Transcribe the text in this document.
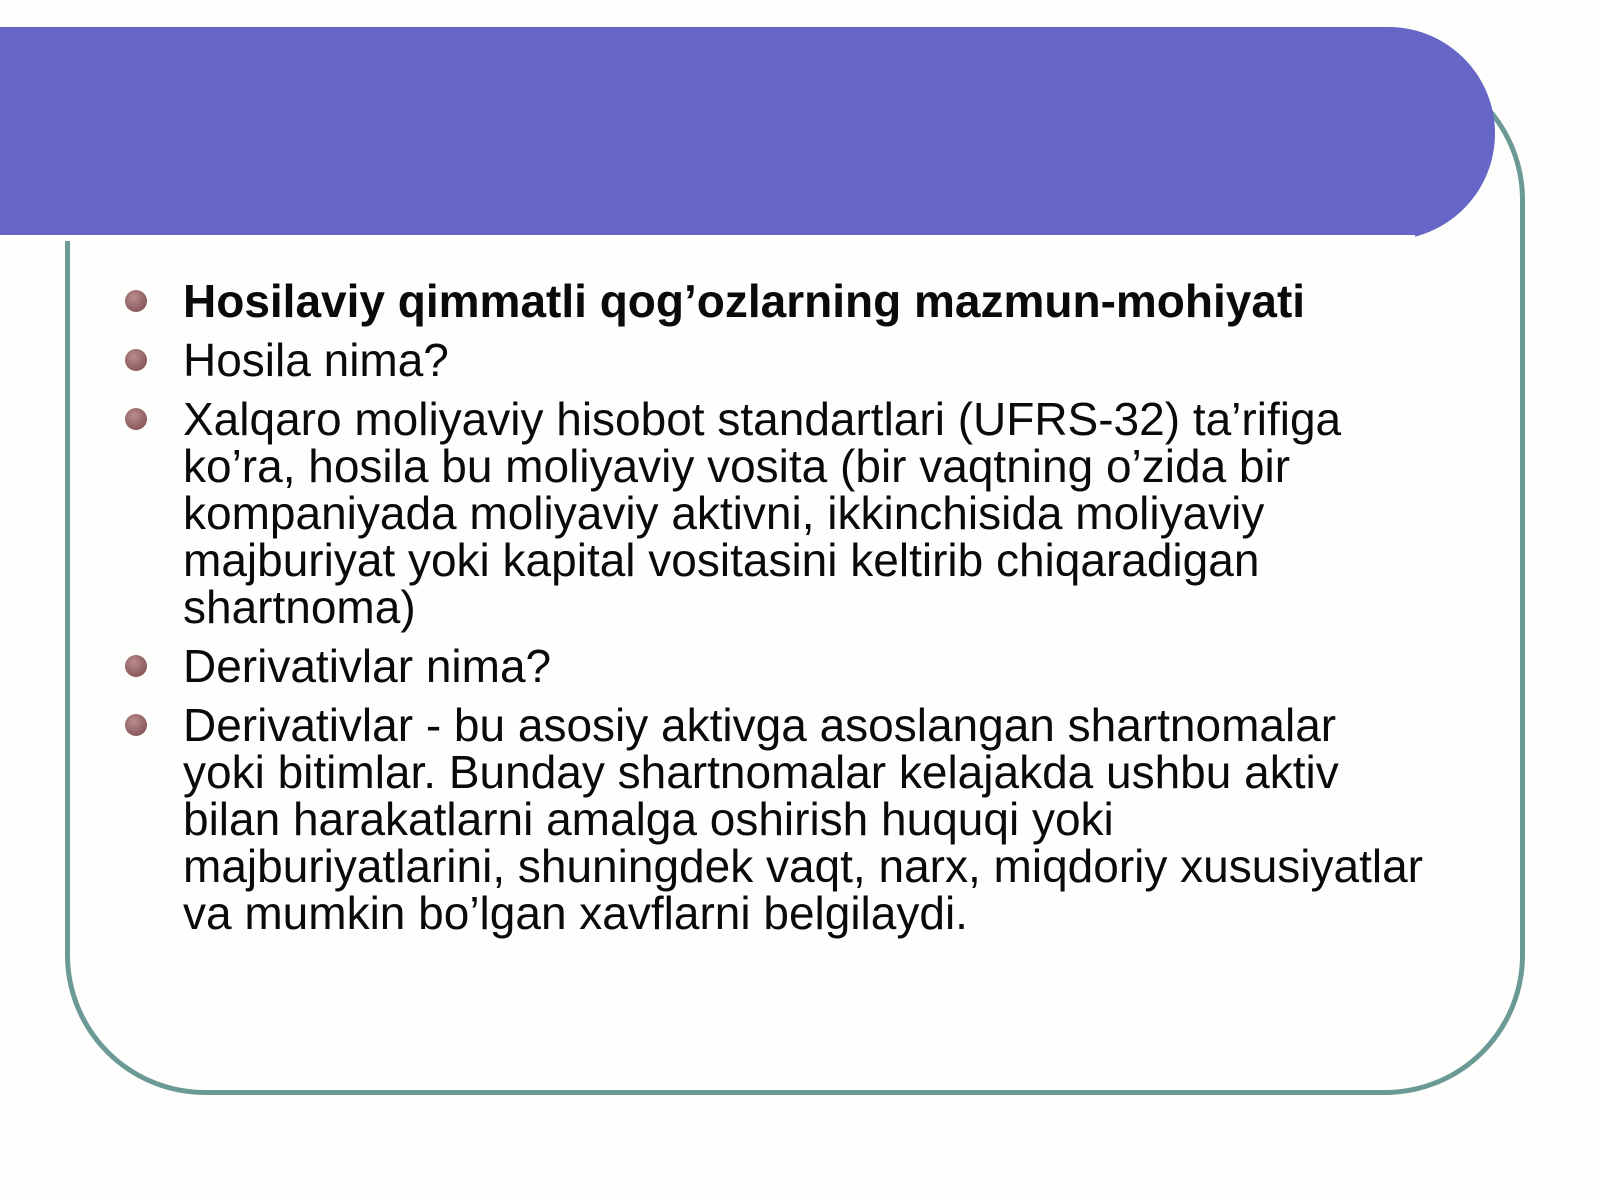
Hosilaviy qimmatli qog’ozlarning mazmun-mohiyati
Hosila nima?
Xalqaro moliyaviy hisobot standartlari (UFRS-32) ta’rifiga ko’ra, hosila bu moliyaviy vosita (bir vaqtning o’zida bir kompaniyada moliyaviy aktivni, ikkinchisida moliyaviy majburiyat yoki kapital vositasini keltirib chiqaradigan shartnoma)
Derivativlar nima?
Derivativlar - bu asosiy aktivga asoslangan shartnomalar yoki bitimlar. Bunday shartnomalar kelajakda ushbu aktiv bilan harakatlarni amalga oshirish huquqi yoki majburiyatlarini, shuningdek vaqt, narx, miqdoriy xususiyatlar va mumkin bo’lgan xavflarni belgilaydi.
